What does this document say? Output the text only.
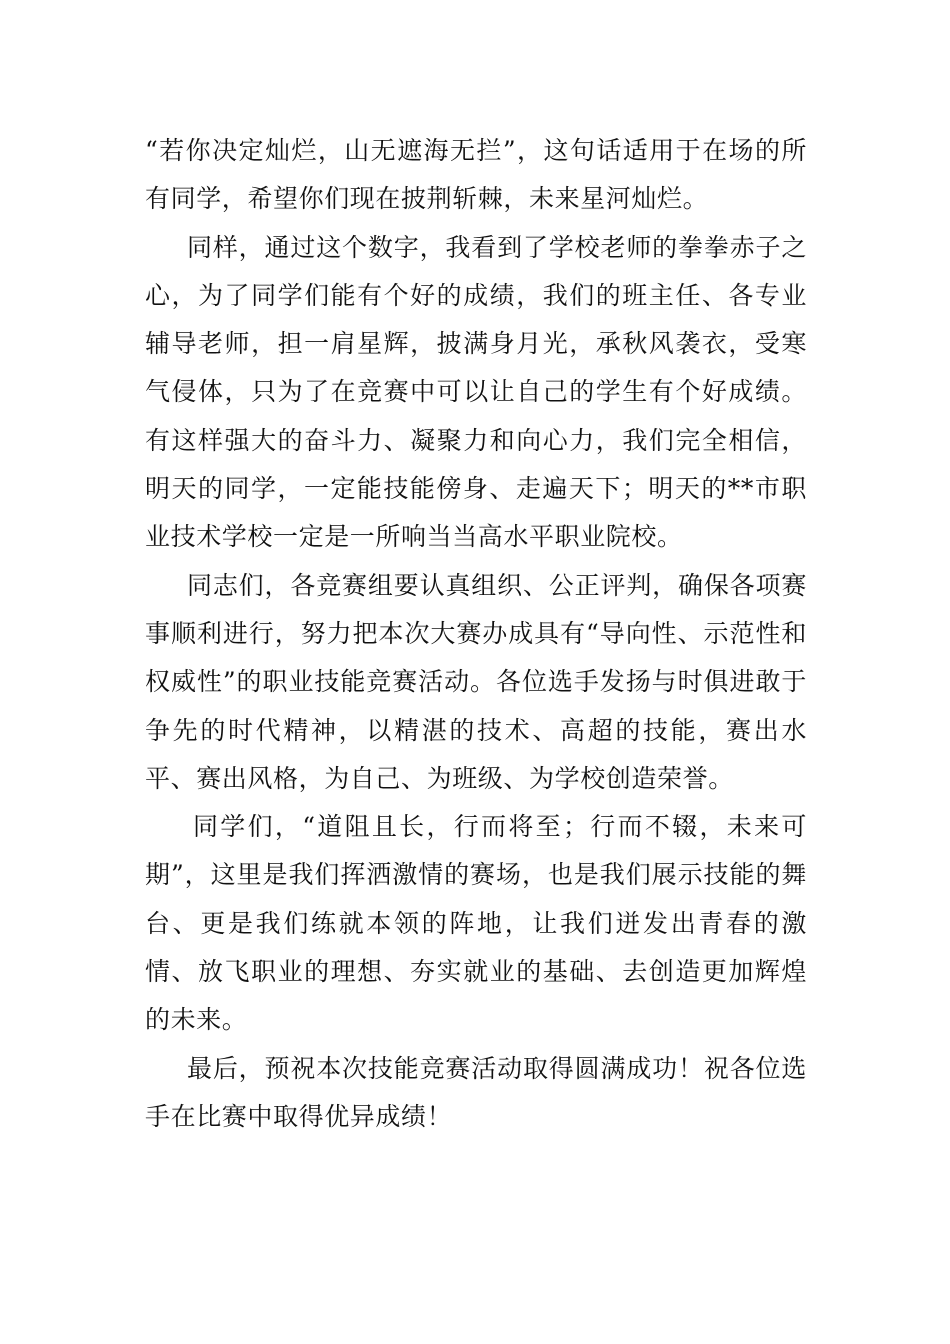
“若你决定灿烂，山无遮海无拦”，这句话适用于在场的所有同学，希望你们现在披荆斩棘，未来星河灿烂。

同样，通过这个数字，我看到了学校老师的拳拳赤子之心，为了同学们能有个好的成绩，我们的班主任、各专业辅导老师，担一肩星辉，披满身月光，承秋风袭衣，受寒气侵体，只为了在竞赛中可以让自己的学生有个好成绩。有这样强大的奋斗力、凝聚力和向心力，我们完全相信，明天的同学，一定能技能傍身、走遍天下；明天的**市职业技术学校一定是一所响当当高水平职业院校。

同志们，各竞赛组要认真组织、公正评判，确保各项赛事顺利进行，努力把本次大赛办成具有“导向性、示范性和权威性”的职业技能竞赛活动。各位选手发扬与时俱进敢于争先的时代精神，以精湛的技术、高超的技能，赛出水平、赛出风格，为自己、为班级、为学校创造荣誉。

同学们，“道阻且长，行而将至；行而不辍，未来可期”，这里是我们挥洒激情的赛场，也是我们展示技能的舞台、更是我们练就本领的阵地，让我们迸发出青春的激情、放飞职业的理想、夯实就业的基础、去创造更加辉煌的未来。

最后，预祝本次技能竞赛活动取得圆满成功！祝各位选手在比赛中取得优异成绩！
